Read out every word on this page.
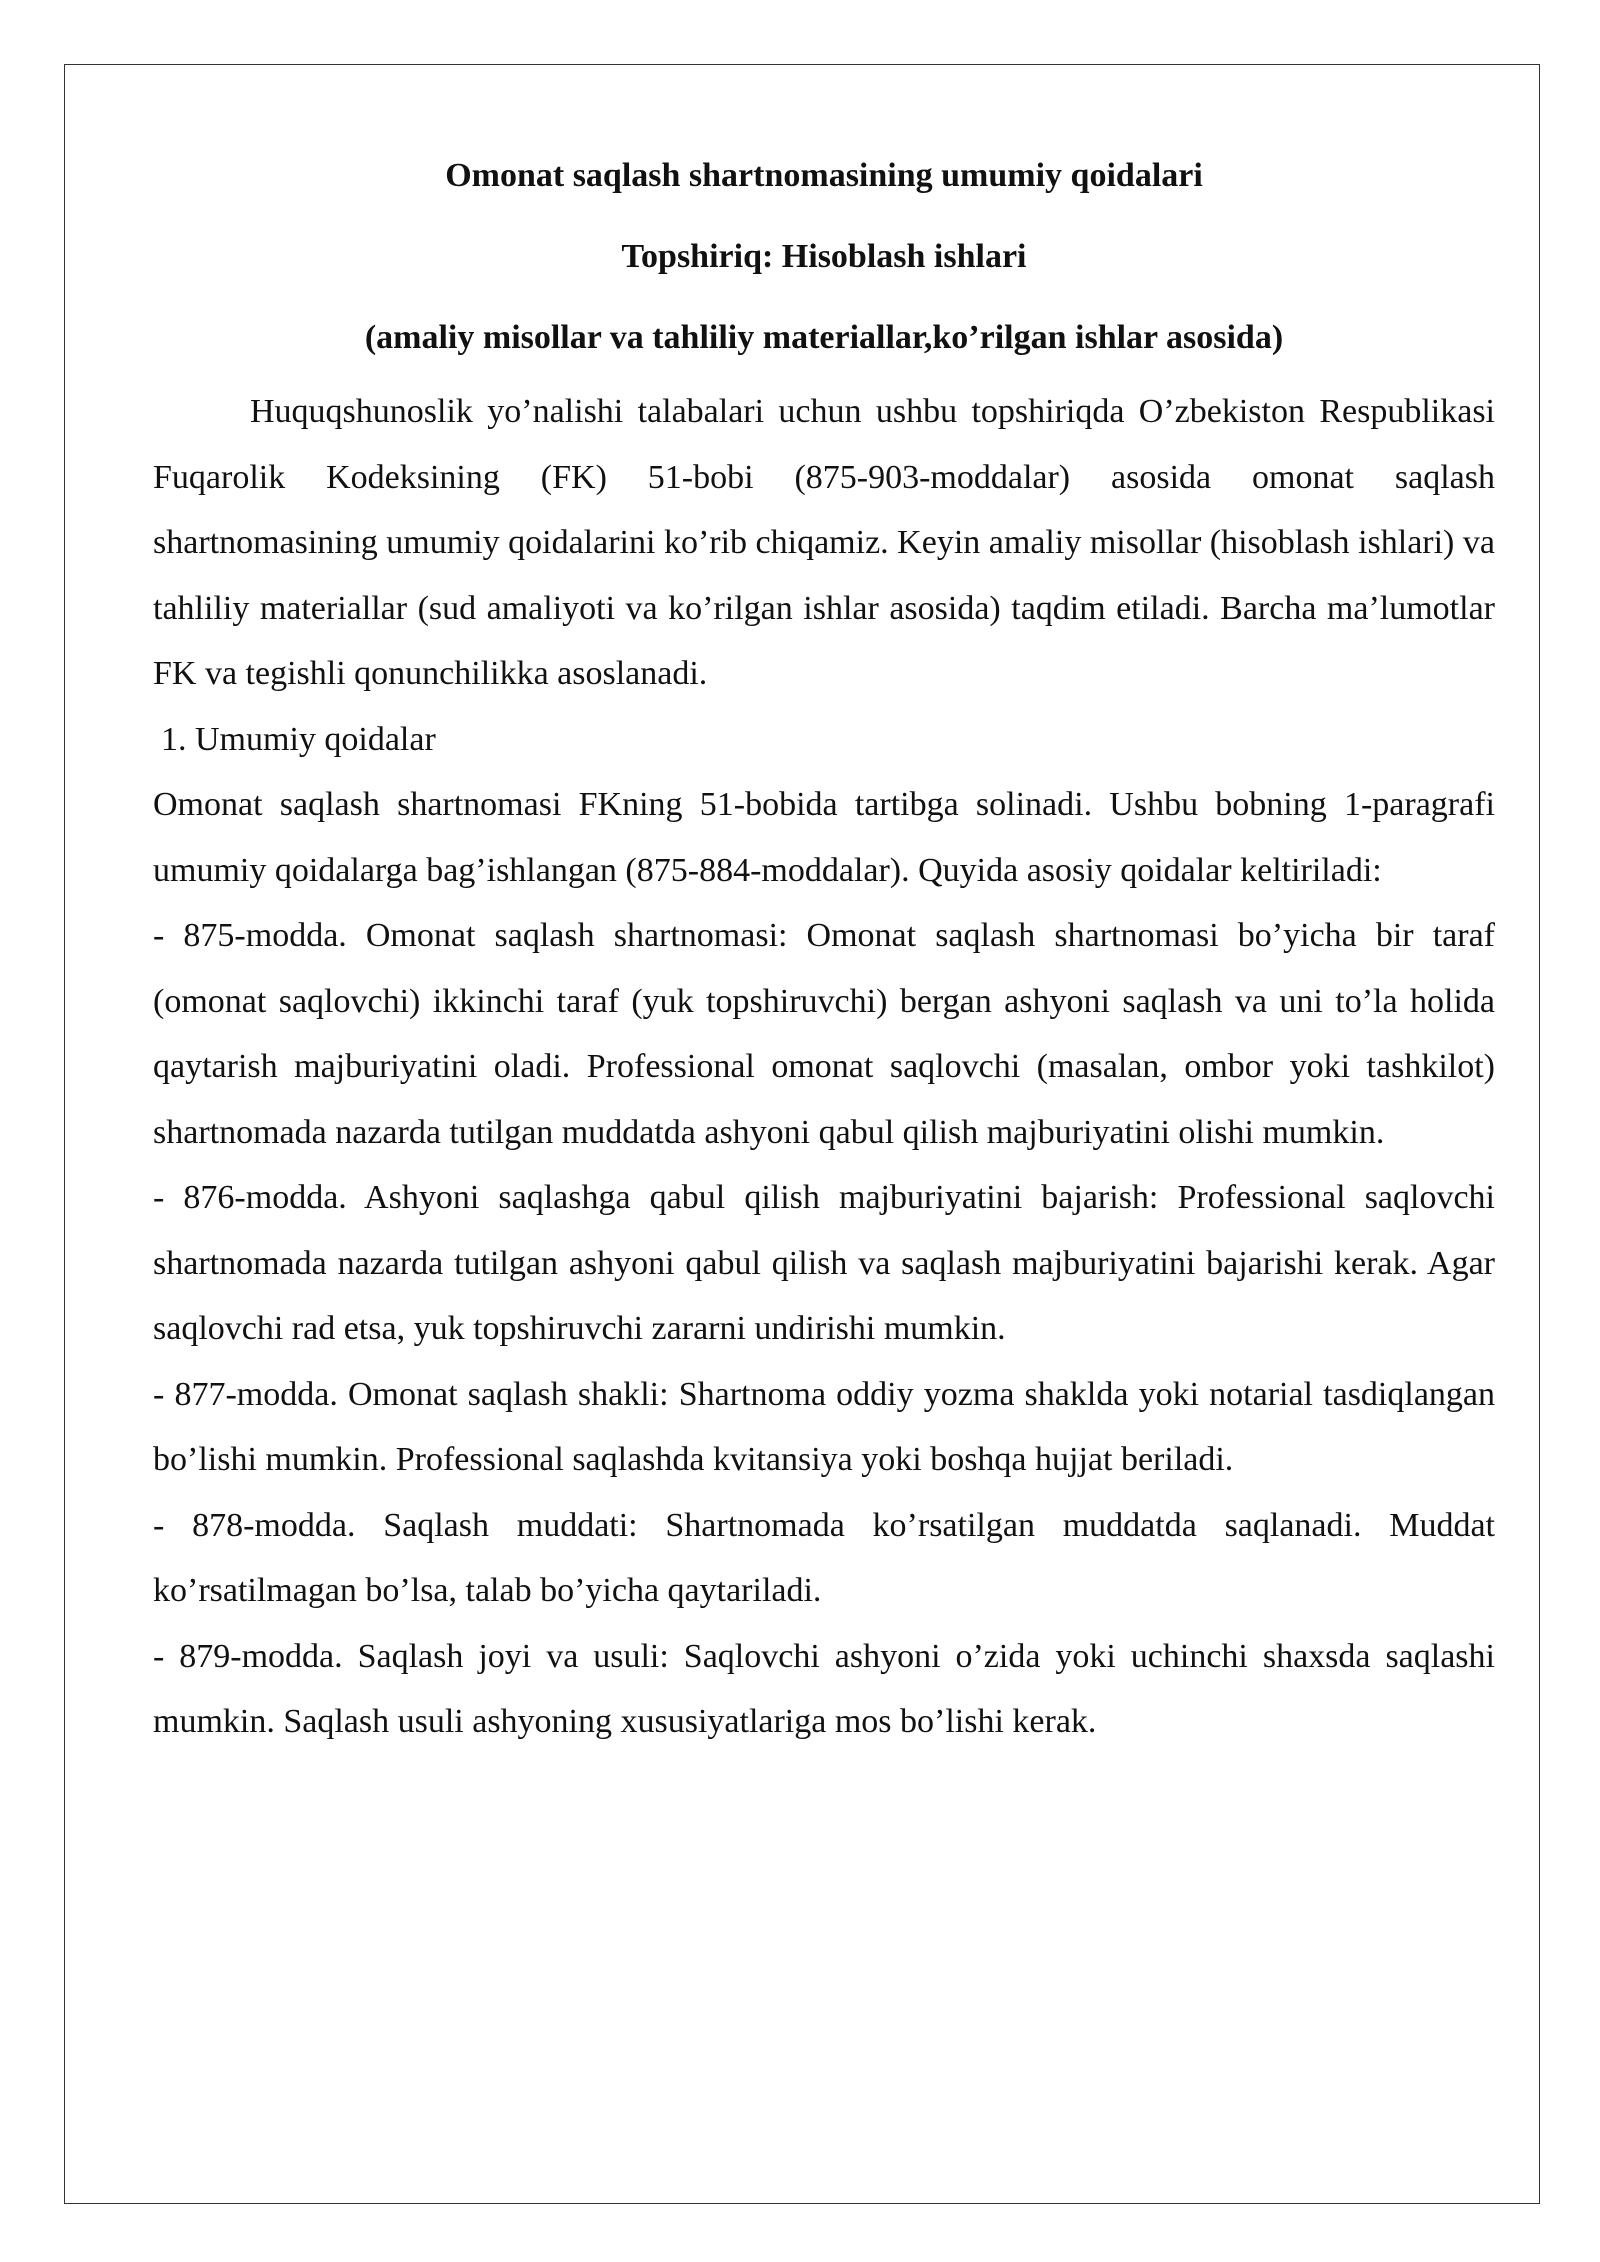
Omonat saqlash shartnomasining umumiy qoidalari

Topshiriq: Hisoblash ishlari

(amaliy misollar va tahliliy materiallar,ko’rilgan ishlar asosida)

Huquqshunoslik yo’nalishi talabalari uchun ushbu topshiriqda O’zbekiston Respublikasi Fuqarolik Kodeksining (FK) 51-bobi (875-903-moddalar) asosida omonat saqlash shartnomasining umumiy qoidalarini ko’rib chiqamiz. Keyin amaliy misollar (hisoblash ishlari) va tahliliy materiallar (sud amaliyoti va ko’rilgan ishlar asosida) taqdim etiladi. Barcha ma’lumotlar FK va tegishli qonunchilikka asoslanadi.

1. Umumiy qoidalar

Omonat saqlash shartnomasi FKning 51-bobida tartibga solinadi. Ushbu bobning 1-paragrafi umumiy qoidalarga bag’ishlangan (875-884-moddalar). Quyida asosiy qoidalar keltiriladi:

- 875-modda. Omonat saqlash shartnomasi: Omonat saqlash shartnomasi bo’yicha bir taraf (omonat saqlovchi) ikkinchi taraf (yuk topshiruvchi) bergan ashyoni saqlash va uni to’la holida qaytarish majburiyatini oladi. Professional omonat saqlovchi (masalan, ombor yoki tashkilot) shartnomada nazarda tutilgan muddatda ashyoni qabul qilish majburiyatini olishi mumkin.

- 876-modda. Ashyoni saqlashga qabul qilish majburiyatini bajarish: Professional saqlovchi shartnomada nazarda tutilgan ashyoni qabul qilish va saqlash majburiyatini bajarishi kerak. Agar saqlovchi rad etsa, yuk topshiruvchi zararni undirishi mumkin.

- 877-modda. Omonat saqlash shakli: Shartnoma oddiy yozma shaklda yoki notarial tasdiqlangan bo’lishi mumkin. Professional saqlashda kvitansiya yoki boshqa hujjat beriladi.

- 878-modda. Saqlash muddati: Shartnomada ko’rsatilgan muddatda saqlanadi. Muddat ko’rsatilmagan bo’lsa, talab bo’yicha qaytariladi.

- 879-modda. Saqlash joyi va usuli: Saqlovchi ashyoni o’zida yoki uchinchi shaxsda saqlashi mumkin. Saqlash usuli ashyoning xususiyatlariga mos bo’lishi kerak.
